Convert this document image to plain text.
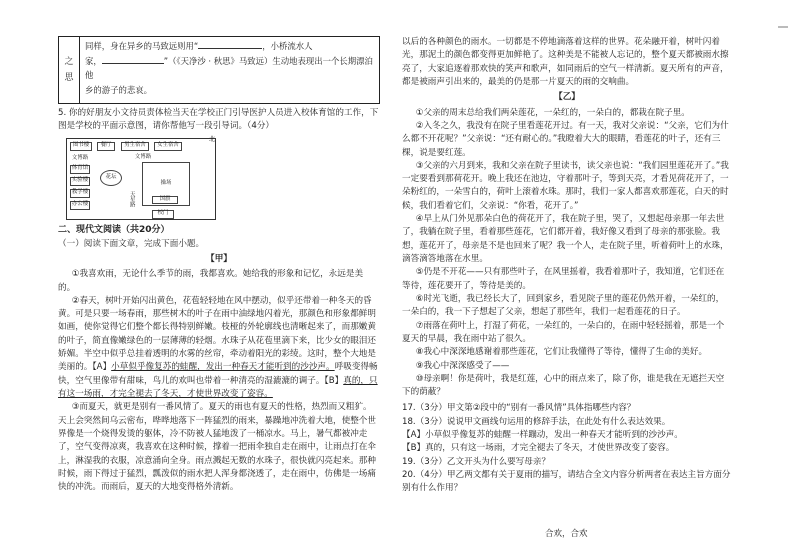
之
思
同样，身在异乡的马致远则用“	，小桥流水人
家，	”（《天净沙 · 秋思》马致远）生动地表现出一个长期漂泊他
乡的游子的悲哀。

5. 你的好朋友小文待员责体检当天在学校正门引导医护人员进入校体育馆的工作，下图是学校的平面示意图，请你帮他写一段引导词。（4分）

北
图书楼	餐厅	男生宿舍	女生宿舍
文博路
体育馆
实验楼
教学楼
办公楼
花坛
文博路
天星路
操场
国旗
校门
二、现代文阅读（共20分）
（一）阅读下面文章，完成下面小题。
【甲】

①我喜欢雨，无论什么季节的雨，我都喜欢。她给我的形象和记忆，永远是美的。

②春天，树叶开始闪出黄色，花苞轻轻地在风中摆动，似乎还带着一种冬天的昏黄。可是只要一场春雨，那些树木的叶子在雨中油绿地闪着光，那颜色和形象都鲜明如画，使你觉得它们整个都长得特别鲜嫩。枝桠的外轮廓线也清晰起来了，而那嫩黄的叶子，简直像嫩绿色的一层薄薄的轻烟。水珠子从花苞里滴下来，比少女的眼泪还娇媚。半空中似乎总挂着透明的水雾的丝帘，牵动着阳光的彩绫。这时，整个大地是美丽的。【A】小草似乎像复苏的蛙醒，发出一种春天才能听到的沙沙声。呼吸变得畅快，空气里像带有甜味，鸟儿的欢叫也带着一种清亮的湿漉漉的调子。【B】真的，只有这一场雨，才完全褪去了冬天，才使世界改变了姿容。

③而夏天，就更是别有一番风情了。夏天的雨也有夏天的性格，热烈而又粗犷。天上会突然间乌云密布，哗哗地落下一阵猛烈的雨来，暴躁地冲洗着大地，使整个世界像是一个烧得发烫的躯体，冷不防被人猛地泼了一桶凉水。马上，暑气都被冲走了，空气变得凉爽，我喜欢在这种时候，撑着一把雨伞独自走在雨中，让雨点打在伞上，淋湿我的衣服，凉意涌向全身。雨点溅起无数的水珠子，很快就闪亮起来。那种时候，雨下得过于猛烈，瓢泼似的雨水把人浑身都浇透了，走在雨中，仿佛是一场痛快的冲洗。而雨后，夏天的大地变得格外清新。

以后的各种颜色的雨水。一切都是不停地滴落着这样的世界。花朵融开着，树叶闪着光，那泥土的颜色都变得更加鲜艳了。这种美是不能被人忘记的，整个夏天都被雨水擦亮了，大家追逐着那欢快的笑声和歌声，如同雨后的空气一样清新。夏天所有的声音，都是被雨声引出来的，最美的仍是那一片夏天的雨的交响曲。

【乙】

①父亲的周末总给我们两朵莲花，一朵红的，一朵白的，都栽在院子里。

②入冬之久，我没有在院子里看莲花开过。有一天，我对父亲说：“父亲，它们为什么都不开花呢？”父亲说：“还有耐心的。”我瞪着大大的眼睛，看莲花的叶子，还有三棵，说是要红莲。

③父亲的六月到来，我和父亲在院子里读书，读父亲也说：“我们园里莲花开了。”我一定要看到那荷花开。晚上我还在池边，守着那叶子，等到天亮，才看见荷花开了，一朵粉红的，一朵雪白的，荷叶上滚着水珠。那时，我们一家人都喜欢那莲花，白天的时候，我们看着它们，父亲说：“你看，花开了。”

④早上从门外见那朵白色的荷花开了，我在院子里，哭了，又想起母亲那一年去世了，我躺在院子里，看着那些莲花，它们都开着，我好像又看到了母亲的那张脸。我想，莲花开了，母亲是不是也回来了呢？我一个人，走在院子里，听着荷叶上的水珠，滴答滴答地落在水里。

⑤仍是不开花——只有那些叶子，在风里摇着，我看着那叶子，我知道，它们还在等待，莲花要开了，等待是美的。

⑥时光飞逝，我已经长大了，回到家乡，看见院子里的莲花仍然开着，一朵红的，一朵白的，我一下子想起了父亲，想起了那些年，我们一起看莲花的日子。

⑦雨落在荷叶上，打湿了荷花，一朵红的，一朵白的，在雨中轻轻摇着，那是一个夏天的早晨，我在雨中站了很久。

⑧我心中深深地感谢着那些莲花，它们让我懂得了等待，懂得了生命的美好。

⑨我心中深深感受了——

⑩母亲啊！你是荷叶，我是红莲，心中的雨点来了，除了你，谁是我在无遮拦天空下的荫蔽？

17.（3分）甲文第②段中的“别有一番风情”具体指哪些内容？

18.（3分）说说甲文画线句运用的修辞手法，在此处有什么表达效果。

【A】小草似乎像复苏的蛙醒一样蹦动，发出一种春天才能听到的沙沙声。

【B】真的，只有这一场雨，才完全褪去了冬天，才使世界改变了姿容。

19.（3分）乙文开头为什么要写母亲？

20.（4分）甲乙两文都有关于夏雨的描写，请结合全文内容分析两者在表达主旨方面分别有什么作用？

合欢，合欢
